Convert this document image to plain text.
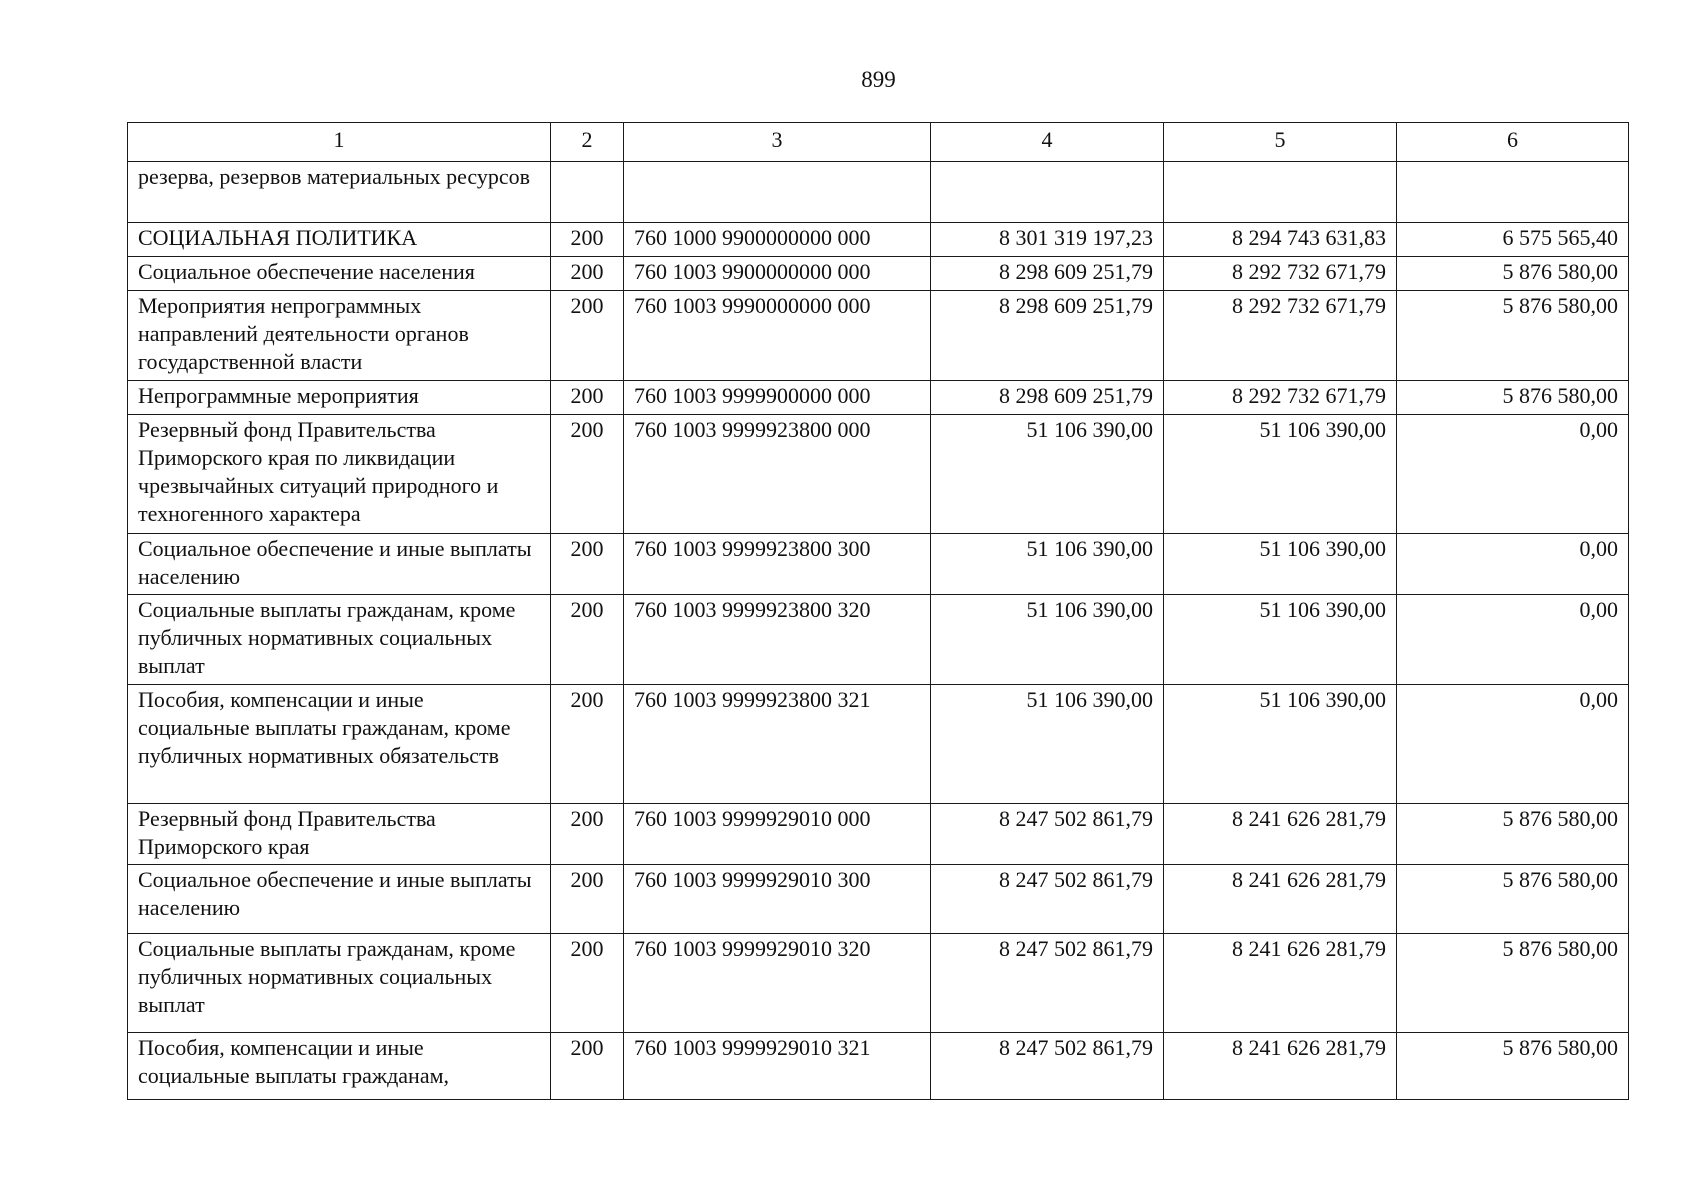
899
1	2	3	4	5	6
резерва, резервов материальных ресурсов					
СОЦИАЛЬНАЯ ПОЛИТИКА	200	760 1000 9900000000 000	8 301 319 197,23	8 294 743 631,83	6 575 565,40
Социальное обеспечение населения	200	760 1003 9900000000 000	8 298 609 251,79	8 292 732 671,79	5 876 580,00
Мероприятия непрограммных направлений деятельности органов государственной власти	200	760 1003 9990000000 000	8 298 609 251,79	8 292 732 671,79	5 876 580,00
Непрограммные мероприятия	200	760 1003 9999900000 000	8 298 609 251,79	8 292 732 671,79	5 876 580,00
Резервный фонд Правительства Приморского края по ликвидации чрезвычайных ситуаций природного и техногенного характера	200	760 1003 9999923800 000	51 106 390,00	51 106 390,00	0,00
Социальное обеспечение и иные выплаты населению	200	760 1003 9999923800 300	51 106 390,00	51 106 390,00	0,00
Социальные выплаты гражданам, кроме публичных нормативных социальных выплат	200	760 1003 9999923800 320	51 106 390,00	51 106 390,00	0,00
Пособия, компенсации и иные социальные выплаты гражданам, кроме публичных нормативных обязательств	200	760 1003 9999923800 321	51 106 390,00	51 106 390,00	0,00
Резервный фонд Правительства Приморского края	200	760 1003 9999929010 000	8 247 502 861,79	8 241 626 281,79	5 876 580,00
Социальное обеспечение и иные выплаты населению	200	760 1003 9999929010 300	8 247 502 861,79	8 241 626 281,79	5 876 580,00
Социальные выплаты гражданам, кроме публичных нормативных социальных выплат	200	760 1003 9999929010 320	8 247 502 861,79	8 241 626 281,79	5 876 580,00
Пособия, компенсации и иные социальные выплаты гражданам,	200	760 1003 9999929010 321	8 247 502 861,79	8 241 626 281,79	5 876 580,00
